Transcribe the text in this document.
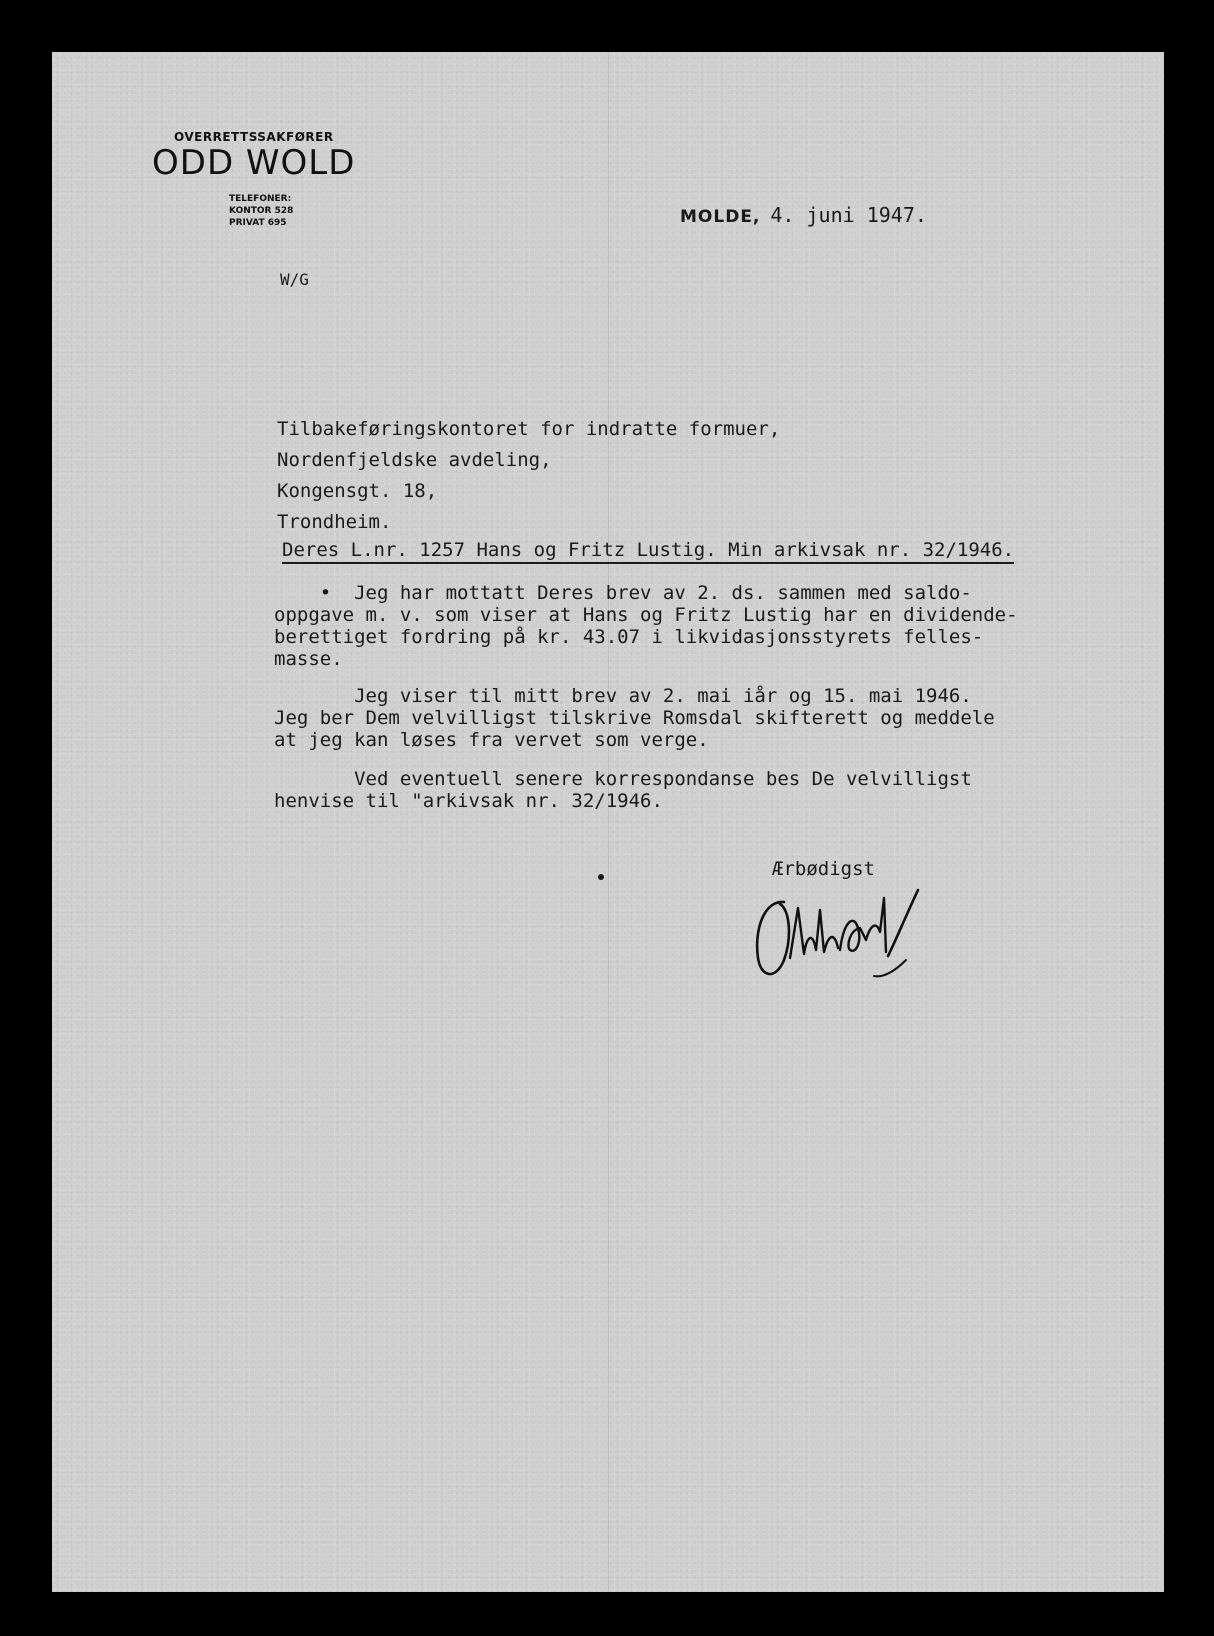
OVERRETTSSAKFØRER
ODD WOLD
TELEFONER:
KONTOR 528
PRIVAT 695	MOLDE, 4. juni 1947.
W/G
Tilbakeføringskontoret for indratte formuer,
Nordenfjeldske avdeling,
Kongensgt. 18,
Trondheim.
Deres L.nr. 1257 Hans og Fritz Lustig. Min arkivsak nr. 32/1946.
•  Jeg har mottatt Deres brev av 2. ds. sammen med saldo-
oppgave m. v. som viser at Hans og Fritz Lustig har en dividende-
berettiget fordring på kr. 43.07 i likvidasjonsstyrets felles-
masse.
Jeg viser til mitt brev av 2. mai iår og 15. mai 1946.
Jeg ber Dem velvilligst tilskrive Romsdal skifterett og meddele
at jeg kan løses fra vervet som verge.
Ved eventuell senere korrespondanse bes De velvilligst
henvise til "arkivsak nr. 32/1946.
Ærbødigst
